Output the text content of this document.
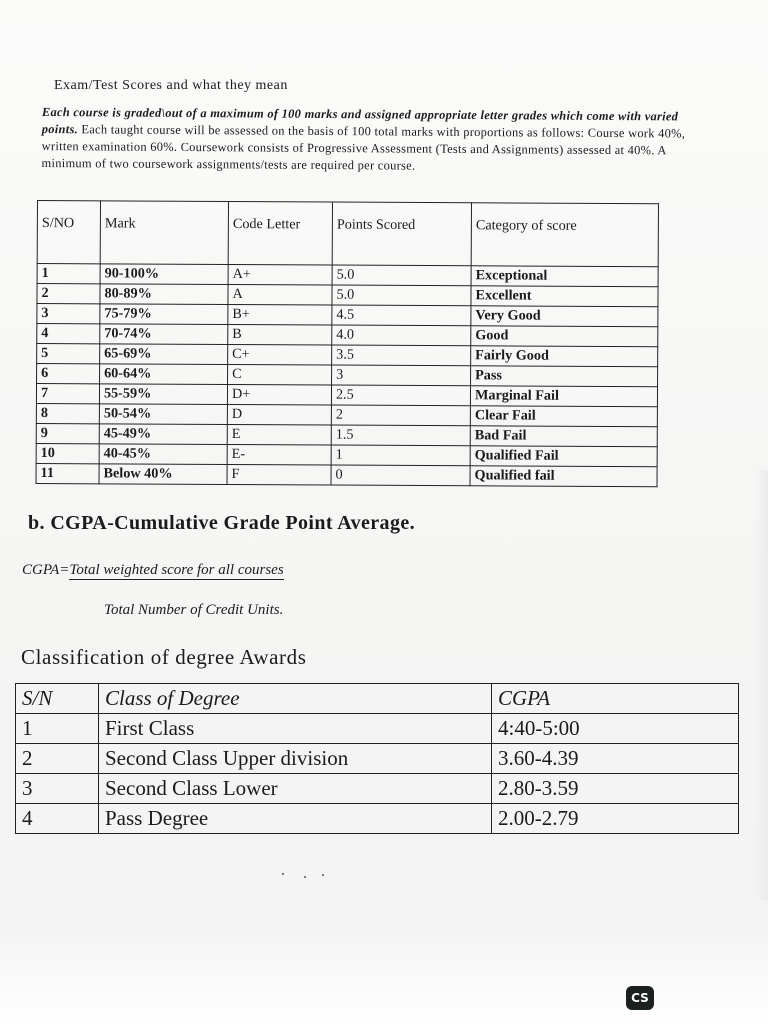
Exam/Test Scores and what they mean
Each course is graded\out of a maximum of 100 marks and assigned appropriate letter grades which come with varied points. Each taught course will be assessed on the basis of 100 total marks with proportions as follows: Course work 40%, written examination 60%. Coursework consists of Progressive Assessment (Tests and Assignments) assessed at 40%. A minimum of two coursework assignments/tests are required per course.
S/NO	Mark	Code Letter	Points Scored	Category of score
1	90-100%	A+	5.0	Exceptional
2	80-89%	A	5.0	Excellent
3	75-79%	B+	4.5	Very Good
4	70-74%	B	4.0	Good
5	65-69%	C+	3.5	Fairly Good
6	60-64%	C	3	Pass
7	55-59%	D+	2.5	Marginal Fail
8	50-54%	D	2	Clear Fail
9	45-49%	E	1.5	Bad Fail
10	40-45%	E-	1	Qualified Fail
11	Below 40%	F	0	Qualified fail
b. CGPA-Cumulative Grade Point Average.
CGPA=Total weighted score for all courses
Total Number of Credit Units.
Classification of degree Awards
S/N	Class of Degree	CGPA
1	First Class	4:40-5:00
2	Second Class Upper division	3.60-4.39
3	Second Class Lower	2.80-3.59
4	Pass Degree	2.00-2.79
CS
